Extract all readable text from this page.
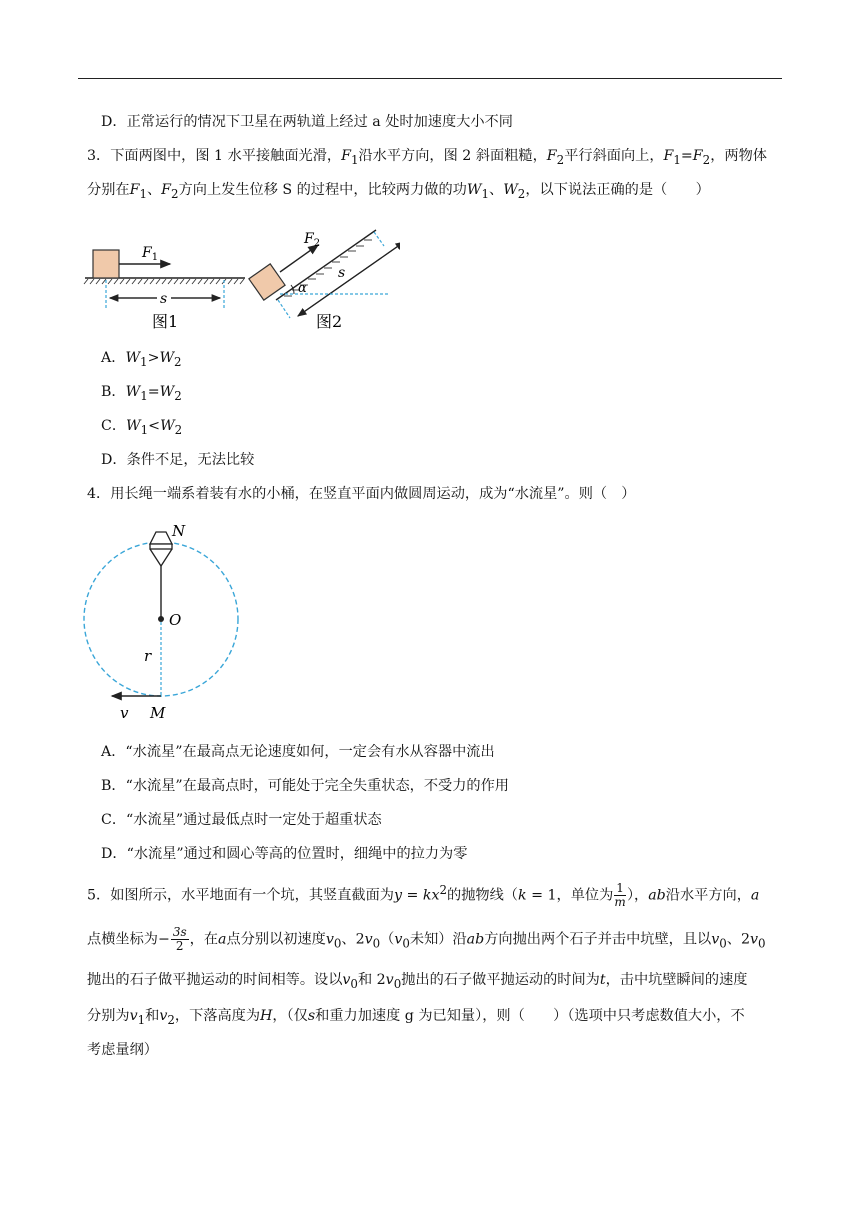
D．正常运行的情况下卫星在两轨道上经过 a 处时加速度大小不同
3．下面两图中，图 1 水平接触面光滑，$F_1$沿水平方向，图 2 斜面粗糙，$F_2$平行斜面向上，$F_1=F_2$，两物体
分别在$F_1$、$F_2$方向上发生位移 S 的过程中，比较两力做的功$W_1$、$W_2$，以下说法正确的是（　　）
$F_1$
s
图1
$F_2$
s
α
图2
A．$W_1>W_2$
B．$W_1=W_2$
C．$W_1<W_2$
D．条件不足，无法比较
4．用长绳一端系着装有水的小桶，在竖直平面内做圆周运动，成为“水流星”。则（　）
N
O
r
v M
A．“水流星”在最高点无论速度如何，一定会有水从容器中流出
B．“水流星”在最高点时，可能处于完全失重状态，不受力的作用
C．“水流星”通过最低点时一定处于超重状态
D．“水流星”通过和圆心等高的位置时，细绳中的拉力为零
5．如图所示，水平地面有一个坑，其竖直截面为$y = kx^2$的抛物线（k = 1，单位为 $\frac{1}{m}$ ），ab沿水平方向，a
点横坐标为− $\frac{3s}{2}$ ，在a点分别以初速度$v_0$、$2v_0(v_0$未知）沿ab方向抛出两个石子并击中坑壁，且以$v_0$、$2v_0$
抛出的石子做平抛运动的时间相等。设以$v_0$和 $2v_0$抛出的石子做平抛运动的时间为t，击中坑壁瞬间的速度
分别为$v_1$和$v_2$，下落高度为H，（仅s和重力加速度 g 为已知量），则（　　）（选项中只考虑数值大小，不
考虑量纲）
